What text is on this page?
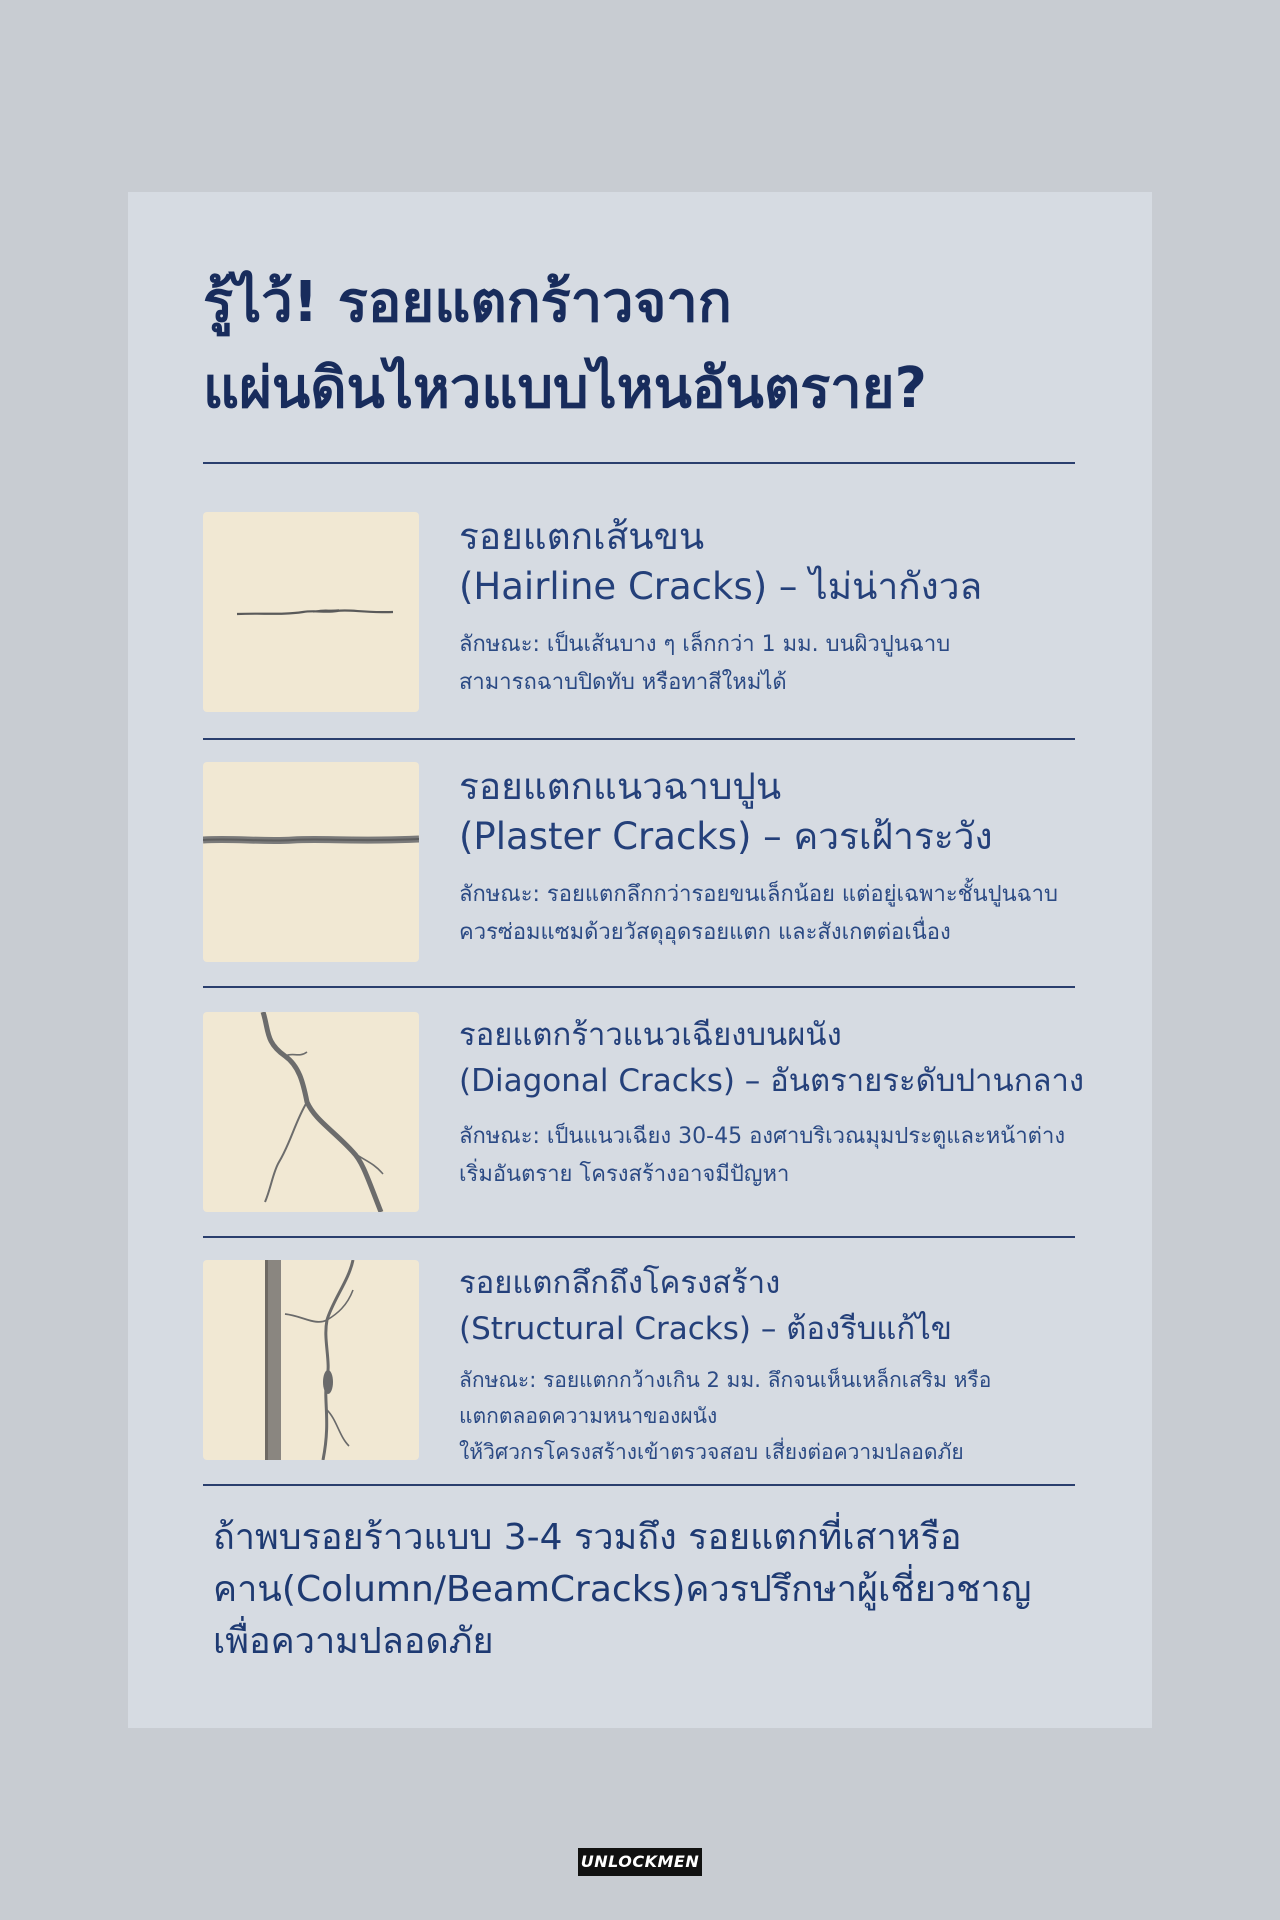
รู้ไว้! รอยแตกร้าวจาก
แผ่นดินไหวแบบไหนอันตราย?
รอยแตกเส้นขน
(Hairline Cracks) – ไม่น่ากังวล
ลักษณะ: เป็นเส้นบาง ๆ เล็กกว่า 1 มม. บนผิวปูนฉาบ
สามารถฉาบปิดทับ หรือทาสีใหม่ได้
รอยแตกแนวฉาบปูน
(Plaster Cracks) – ควรเฝ้าระวัง
ลักษณะ: รอยแตกลึกกว่ารอยขนเล็กน้อย แต่อยู่เฉพาะชั้นปูนฉาบ
ควรซ่อมแซมด้วยวัสดุอุดรอยแตก และสังเกตต่อเนื่อง
รอยแตกร้าวแนวเฉียงบนผนัง
(Diagonal Cracks) – อันตรายระดับปานกลาง
ลักษณะ: เป็นแนวเฉียง 30-45 องศาบริเวณมุมประตูและหน้าต่าง
เริ่มอันตราย โครงสร้างอาจมีปัญหา
รอยแตกลึกถึงโครงสร้าง
(Structural Cracks) – ต้องรีบแก้ไข
ลักษณะ: รอยแตกกว้างเกิน 2 มม. ลึกจนเห็นเหล็กเสริม หรือ
แตกตลอดความหนาของผนัง
ให้วิศวกรโครงสร้างเข้าตรวจสอบ เสี่ยงต่อความปลอดภัย
ถ้าพบรอยร้าวแบบ 3-4 รวมถึง รอยแตกที่เสาหรือ
คาน(Column/BeamCracks)ควรปรึกษาผู้เชี่ยวชาญ
เพื่อความปลอดภัย
UNLOCKMEN
